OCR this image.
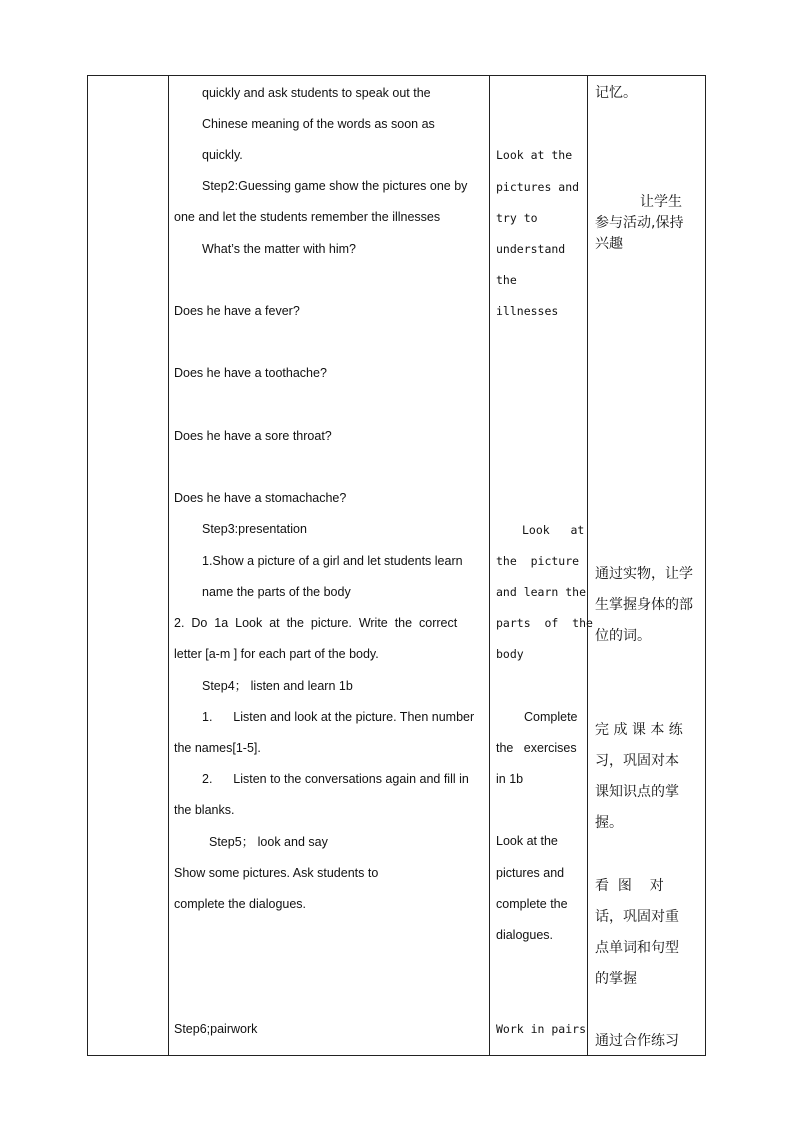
quickly and ask students to speak out the
Chinese meaning of the words as soon as
quickly.
Step2:Guessing game show the pictures one by
one and let the students remember the illnesses
What’s the matter with him?
Does he have a fever?
Does he have a toothache?
Does he have a sore throat?
Does he have a stomachache?
Step3:presentation
1.Show a picture of a girl and let students learn
name the parts of the body
2.  Do  1a  Look  at  the  picture.  Write  the  correct
letter [a-m ] for each part of the body.
Step4； listen and learn 1b
1.      Listen and look at the picture. Then number
the names[1-5].
2.      Listen to the conversations again and fill in
the blanks.
Step5； look and say
Show some pictures. Ask students to
complete the dialogues.
Step6;pairwork
Look at the
pictures and
try to
understand
the
illnesses
Look   at
the  picture
and learn the
parts  of  the
body
Complete
the   exercises
in 1b
Look at the
pictures and
complete the
dialogues.
Work in pairs
记忆。
让学生
参与活动,保持
兴趣
通过实物，让学
生掌握身体的部
位的词。
完 成 课 本 练
习，巩固对本
课知识点的掌
握。
看  图    对
话，巩固对重
点单词和句型
的掌握
通过合作练习
